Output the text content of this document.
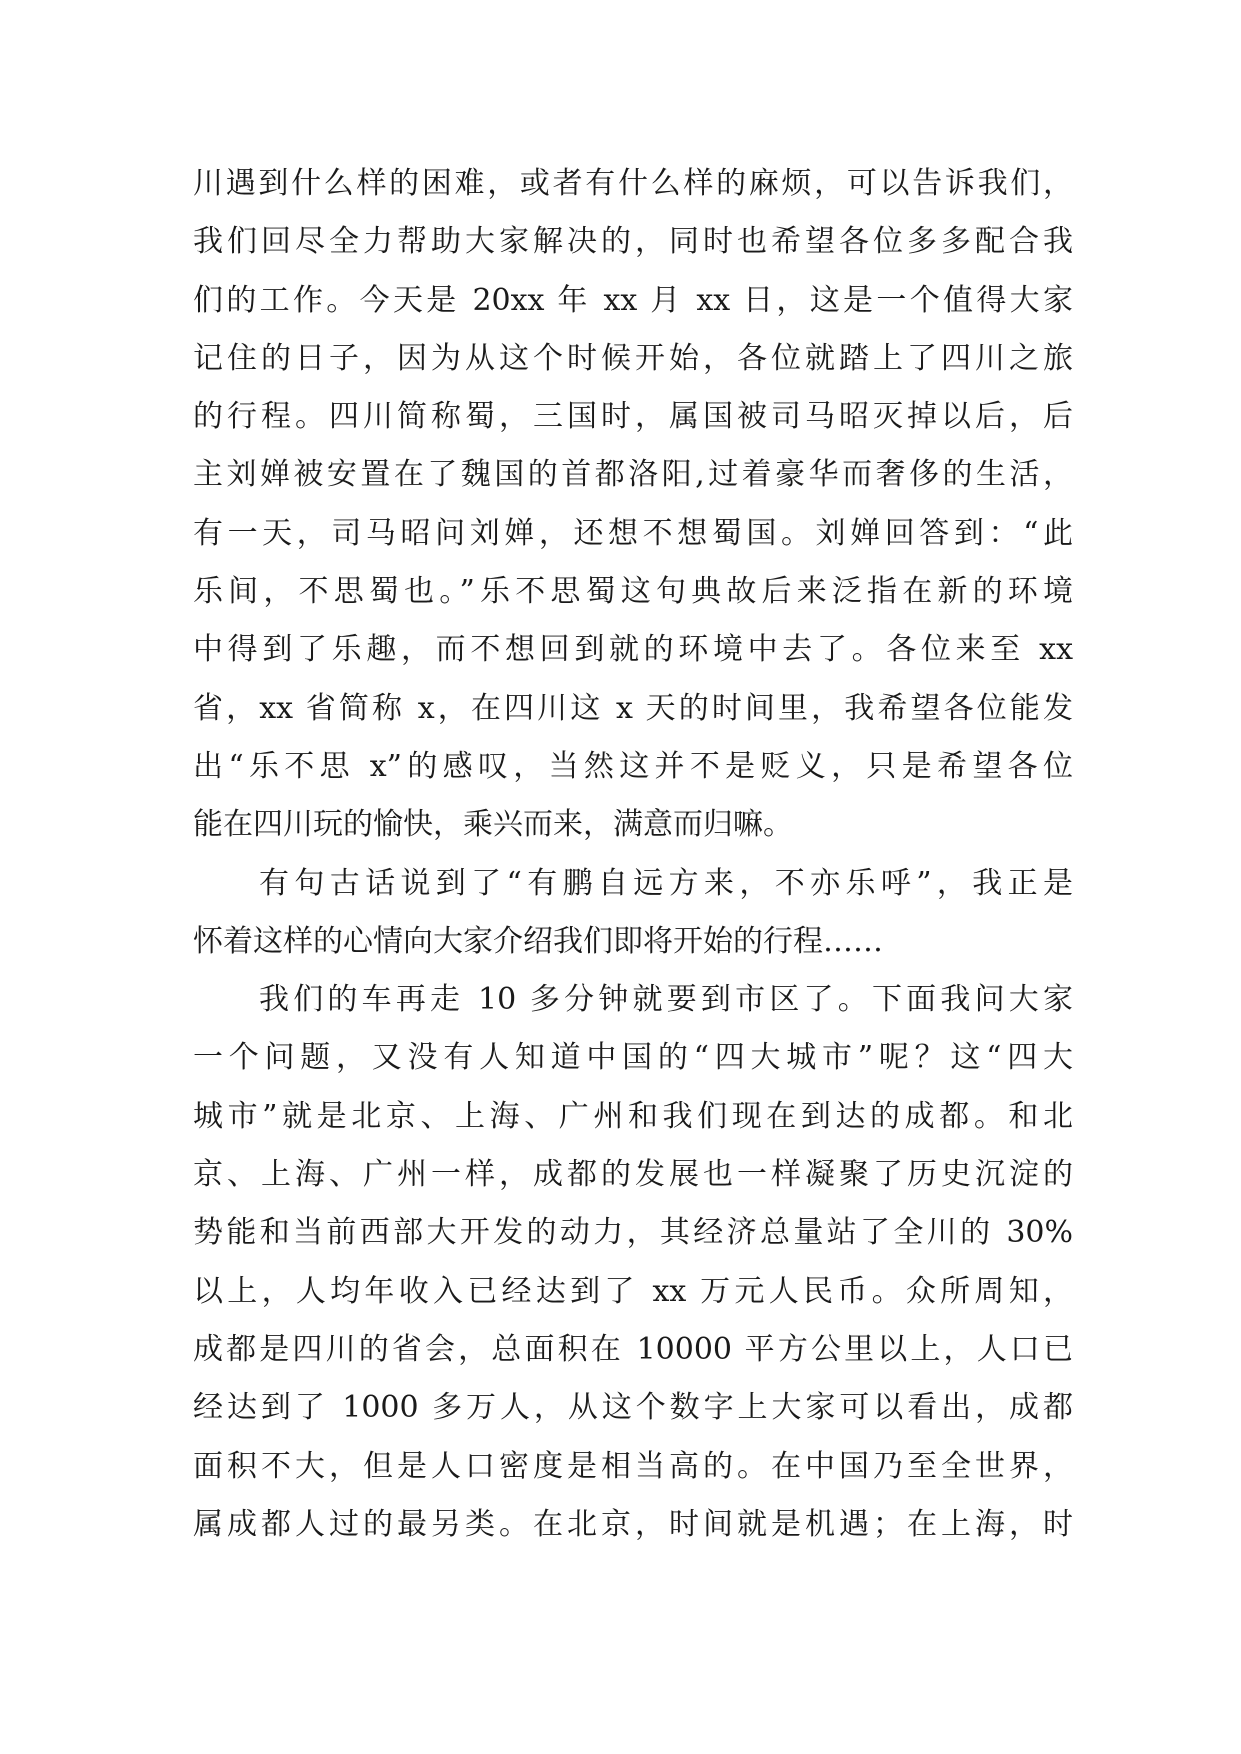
川遇到什么样的困难，或者有什么样的麻烦，可以告诉我们，
我们回尽全力帮助大家解决的，同时也希望各位多多配合我
们的工作。今天是 20xx 年 xx 月 xx 日，这是一个值得大家
记住的日子，因为从这个时候开始，各位就踏上了四川之旅
的行程。四川简称蜀，三国时，属国被司马昭灭掉以后，后
主刘婵被安置在了魏国的首都洛阳,过着豪华而奢侈的生活，
有一天，司马昭问刘婵，还想不想蜀国。刘婵回答到：“此
乐间，不思蜀也。”乐不思蜀这句典故后来泛指在新的环境
中得到了乐趣，而不想回到就的环境中去了。各位来至 xx
省，xx 省简称 x，在四川这 x 天的时间里，我希望各位能发
出“乐不思 x”的感叹，当然这并不是贬义，只是希望各位
能在四川玩的愉快，乘兴而来，满意而归嘛。
有句古话说到了“有鹏自远方来，不亦乐呼”，我正是
怀着这样的心情向大家介绍我们即将开始的行程……
我们的车再走 10 多分钟就要到市区了。下面我问大家
一个问题，又没有人知道中国的“四大城市”呢？这“四大
城市”就是北京、上海、广州和我们现在到达的成都。和北
京、上海、广州一样，成都的发展也一样凝聚了历史沉淀的
势能和当前西部大开发的动力，其经济总量站了全川的 30%
以上，人均年收入已经达到了 xx 万元人民币。众所周知，
成都是四川的省会，总面积在 10000 平方公里以上，人口已
经达到了 1000 多万人，从这个数字上大家可以看出，成都
面积不大，但是人口密度是相当高的。在中国乃至全世界，
属成都人过的最另类。在北京，时间就是机遇；在上海，时
